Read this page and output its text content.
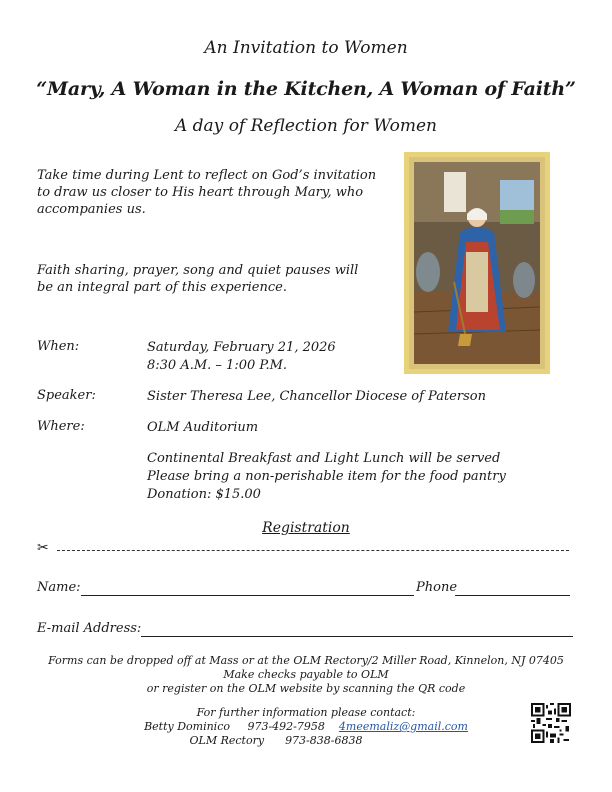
An Invitation to Women
“Mary, A Woman in the Kitchen, A Woman of Faith”
A day of Reflection for Women
Take time during Lent to reflect on God’s invitation to draw us closer to His heart through Mary, who accompanies us.
Faith sharing, prayer, song and quiet pauses will be an integral part of this experience.
When:	Saturday, February 21, 2026
8:30 A.M. – 1:00 P.M.
Speaker:	Sister Theresa Lee, Chancellor Diocese of Paterson
Where:	OLM Auditorium
Continental Breakfast and Light Lunch will be served
Please bring a non-perishable item for the food pantry
Donation: $15.00
Registration
✂
Name:	Phone
E-mail Address:
Forms can be dropped off at Mass or at the OLM Rectory/2 Miller Road, Kinnelon, NJ 07405
Make checks payable to OLM
or register on the OLM website by scanning the QR code
For further information please contact:
Betty Dominico 973-492-7958 4meemaliz@gmail.com
OLM Rectory 973-838-6838
